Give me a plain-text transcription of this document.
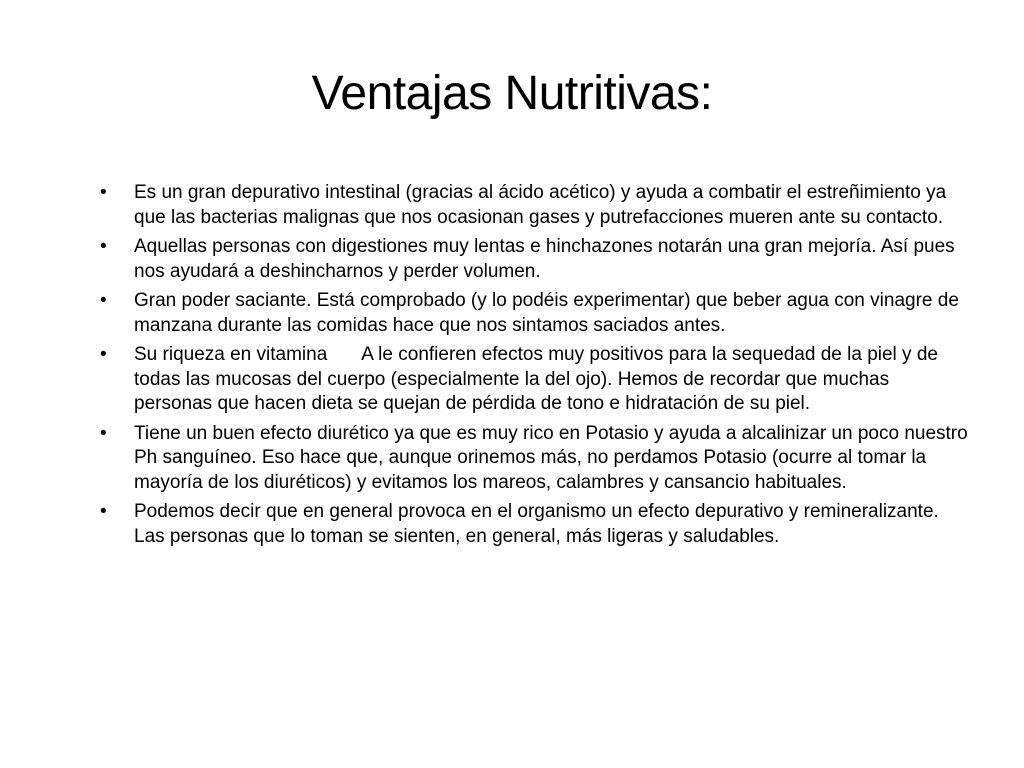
Ventajas Nutritivas:
• Es un gran depurativo intestinal (gracias al ácido acético) y ayuda a combatir el estreñimiento ya que las bacterias malignas que nos ocasionan gases y putrefacciones mueren ante su contacto.
• Aquellas personas con digestiones muy lentas e hinchazones notarán una gran mejoría. Así pues nos ayudará a deshincharnos y perder volumen.
• Gran poder saciante. Está comprobado (y lo podéis experimentar) que beber agua con vinagre de manzana durante las comidas hace que nos sintamos saciados antes.
• Su riqueza en vitamina A le confieren efectos muy positivos para la sequedad de la piel y de todas las mucosas del cuerpo (especialmente la del ojo). Hemos de recordar que muchas personas que hacen dieta se quejan de pérdida de tono e hidratación de su piel.
• Tiene un buen efecto diurético ya que es muy rico en Potasio y ayuda a alcalinizar un poco nuestro Ph sanguíneo. Eso hace que, aunque orinemos más, no perdamos Potasio (ocurre al tomar la mayoría de los diuréticos) y evitamos los mareos, calambres y cansancio habituales.
• Podemos decir que en general provoca en el organismo un efecto depurativo y remineralizante. Las personas que lo toman se sienten, en general, más ligeras y saludables.
